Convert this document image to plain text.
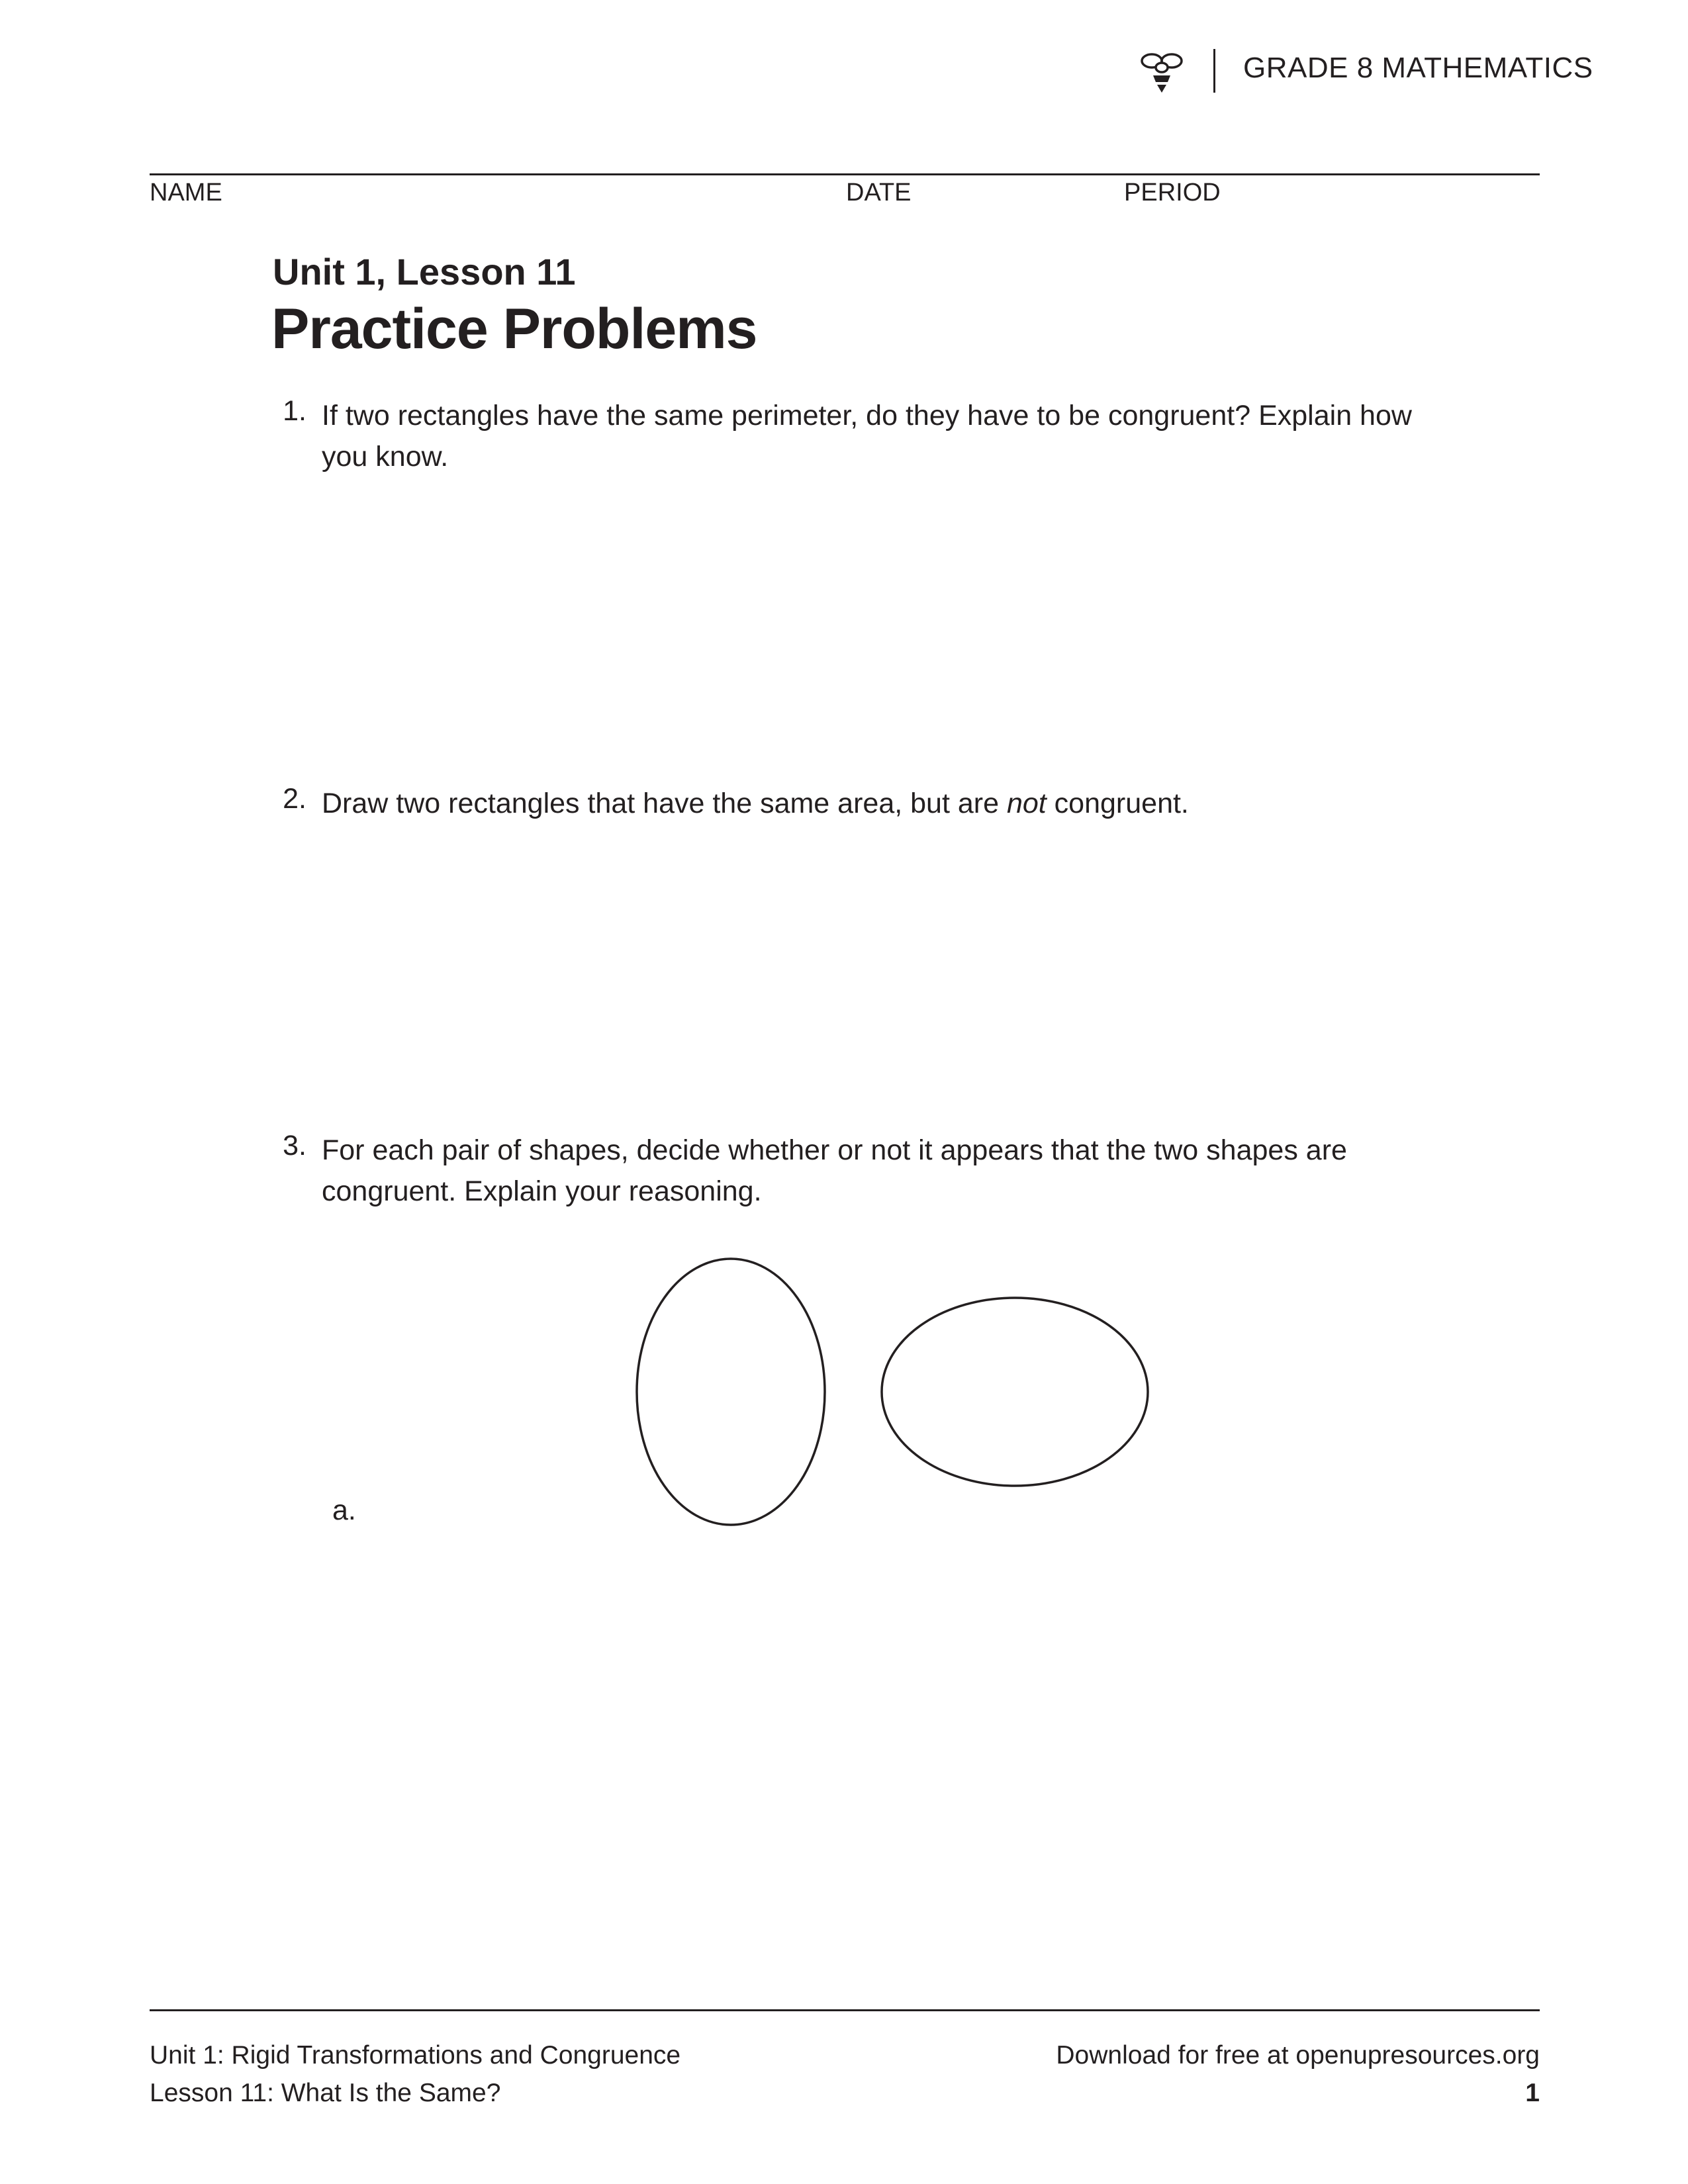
GRADE 8 MATHEMATICS
NAME	DATE	PERIOD
Unit 1, Lesson 11
Practice Problems
1. If two rectangles have the same perimeter, do they have to be congruent? Explain how
you know.
2. Draw two rectangles that have the same area, but are not congruent.
3. For each pair of shapes, decide whether or not it appears that the two shapes are
congruent. Explain your reasoning.
a.
Unit 1: Rigid Transformations and Congruence
Lesson 11: What Is the Same?
Download for free at openupresources.org
1
